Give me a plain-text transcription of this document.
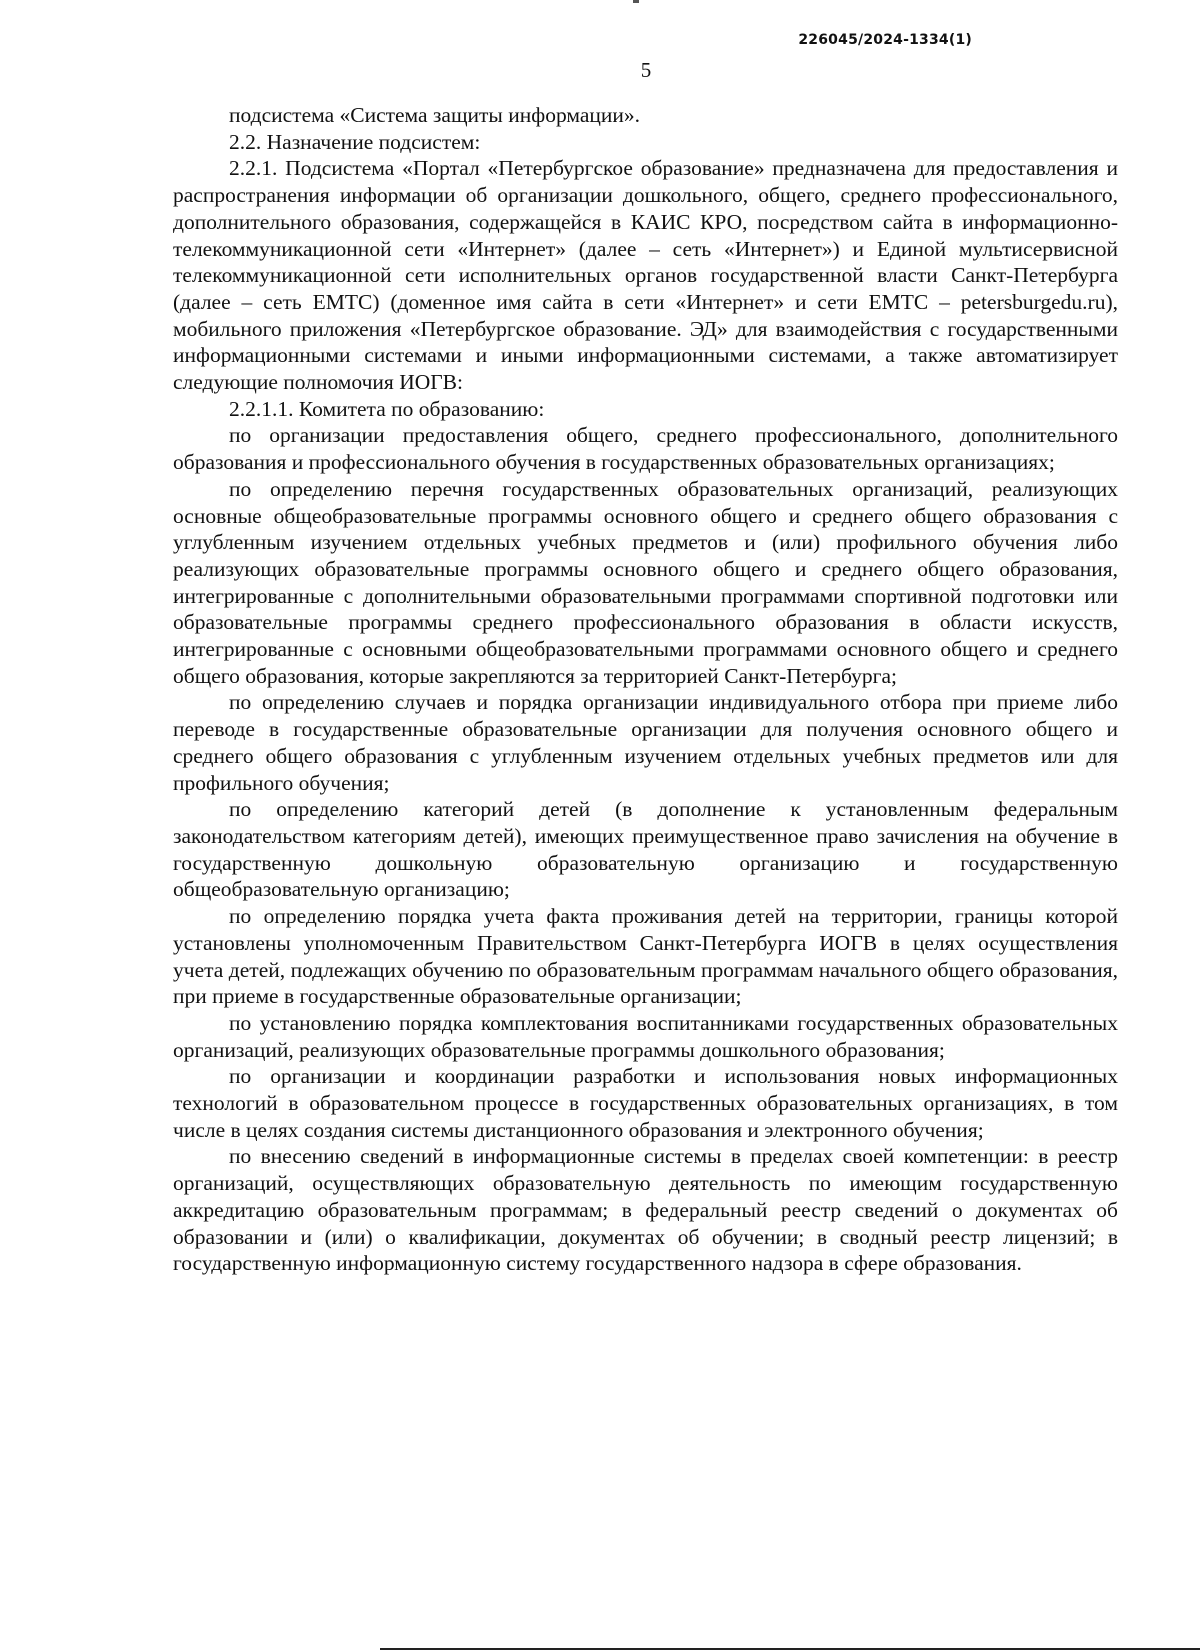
226045/2024-1334(1)
5

подсистема «Система защиты информации».

2.2. Назначение подсистем:

2.2.1. Подсистема «Портал «Петербургское образование» предназначена для предоставления и распространения информации об организации дошкольного, общего, среднего профессионального, дополнительного образования, содержащейся в КАИС КРО, посредством сайта в информационно-телекоммуникационной сети «Интернет» (далее – сеть «Интернет») и Единой мультисервисной телекоммуникационной сети исполнительных органов государственной власти Санкт-Петербурга (далее – сеть ЕМТС) (доменное имя сайта в сети «Интернет» и сети ЕМТС – petersburgedu.ru), мобильного приложения «Петербургское образование. ЭД» для взаимодействия с государственными информационными системами и иными информационными системами, а также автоматизирует следующие полномочия ИОГВ:

2.2.1.1. Комитета по образованию:

по организации предоставления общего, среднего профессионального, дополнительного образования и профессионального обучения в государственных образовательных организациях;

по определению перечня государственных образовательных организаций, реализующих основные общеобразовательные программы основного общего и среднего общего образования с углубленным изучением отдельных учебных предметов и (или) профильного обучения либо реализующих образовательные программы основного общего и среднего общего образования, интегрированные с дополнительными образовательными программами спортивной подготовки или образовательные программы среднего профессионального образования в области искусств, интегрированные с основными общеобразовательными программами основного общего и среднего общего образования, которые закрепляются за территорией Санкт-Петербурга;

по определению случаев и порядка организации индивидуального отбора при приеме либо переводе в государственные образовательные организации для получения основного общего и среднего общего образования с углубленным изучением отдельных учебных предметов или для профильного обучения;

по определению категорий детей (в дополнение к установленным федеральным законодательством категориям детей), имеющих преимущественное право зачисления на обучение в государственную дошкольную образовательную организацию и государственную общеобразовательную организацию;

по определению порядка учета факта проживания детей на территории, границы которой установлены уполномоченным Правительством Санкт-Петербурга ИОГВ в целях осуществления учета детей, подлежащих обучению по образовательным программам начального общего образования, при приеме в государственные образовательные организации;

по установлению порядка комплектования воспитанниками государственных образовательных организаций, реализующих образовательные программы дошкольного образования;

по организации и координации разработки и использования новых информационных технологий в образовательном процессе в государственных образовательных организациях, в том числе в целях создания системы дистанционного образования и электронного обучения;

по внесению сведений в информационные системы в пределах своей компетенции: в реестр организаций, осуществляющих образовательную деятельность по имеющим государственную аккредитацию образовательным программам; в федеральный реестр сведений о документах об образовании и (или) о квалификации, документах об обучении; в сводный реестр лицензий; в государственную информационную систему государственного надзора в сфере образования.
